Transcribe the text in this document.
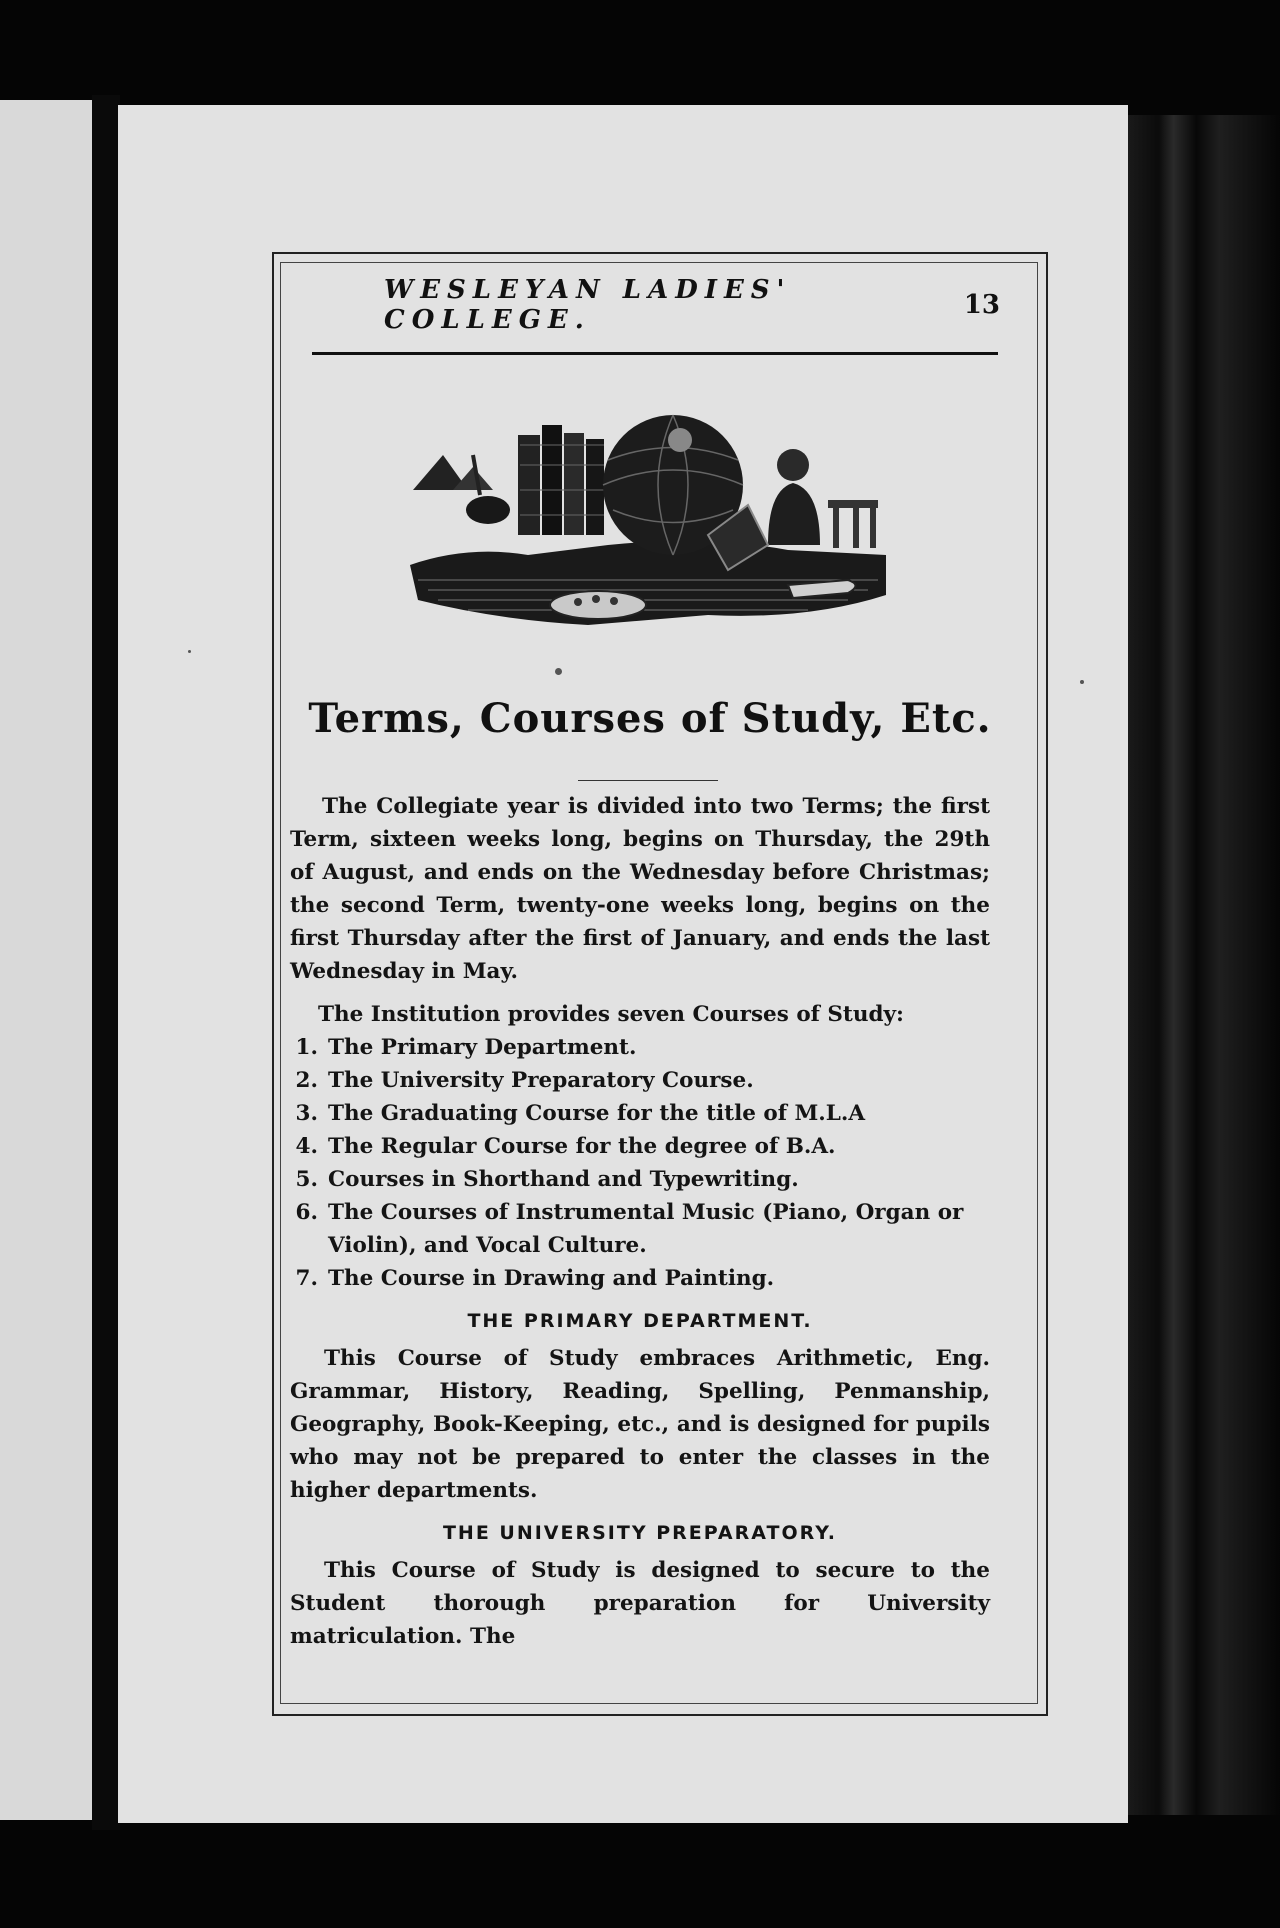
WESLEYAN LADIES' COLLEGE.	13
Terms, Courses of Study, Etc.

The Collegiate year is divided into two Terms; the first Term, sixteen weeks long, begins on Thursday, the 29th of August, and ends on the Wednesday before Christmas; the second Term, twenty-one weeks long, begins on the first Thursday after the first of January, and ends the last Wednesday in May.

The Institution provides seven Courses of Study:
1. The Primary Department.
2. The University Preparatory Course.
3. The Graduating Course for the title of M.L.A
4. The Regular Course for the degree of B.A.
5. Courses in Shorthand and Typewriting.
6. The Courses of Instrumental Music (Piano, Organ or Violin), and Vocal Culture.
7. The Course in Drawing and Painting.
THE PRIMARY DEPARTMENT.

This Course of Study embraces Arithmetic, Eng. Grammar, History, Reading, Spelling, Penmanship, Geography, Book-Keeping, etc., and is designed for pupils who may not be prepared to enter the classes in the higher departments.

THE UNIVERSITY PREPARATORY.

This Course of Study is designed to secure to the Student thorough preparation for University matriculation. The
